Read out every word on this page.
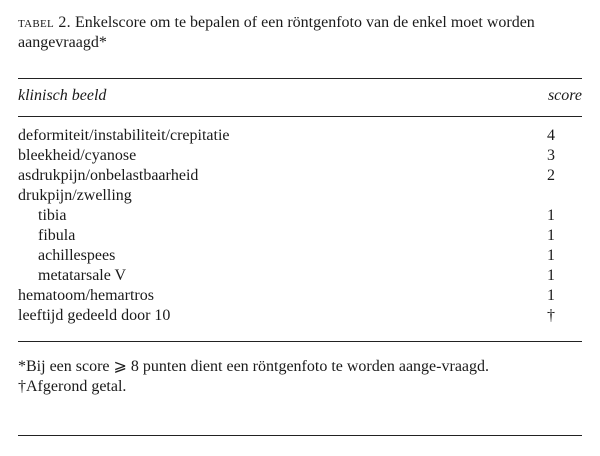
tabel 2. Enkelscore om te bepalen of een röntgenfoto van de enkel moet worden aangevraagd*
klinisch beeld	score
deformiteit/instabiliteit/crepitatie	4
bleekheid/cyanose	3
asdrukpijn/onbelastbaarheid	2
drukpijn/zwelling
tibia	1
fibula	1
achillespees	1
metatarsale V	1
hematoom/hemartros	1
leeftijd gedeeld door 10	†
*Bij een score ⩾ 8 punten dient een röntgenfoto te worden aange-vraagd.
†Afgerond getal.
